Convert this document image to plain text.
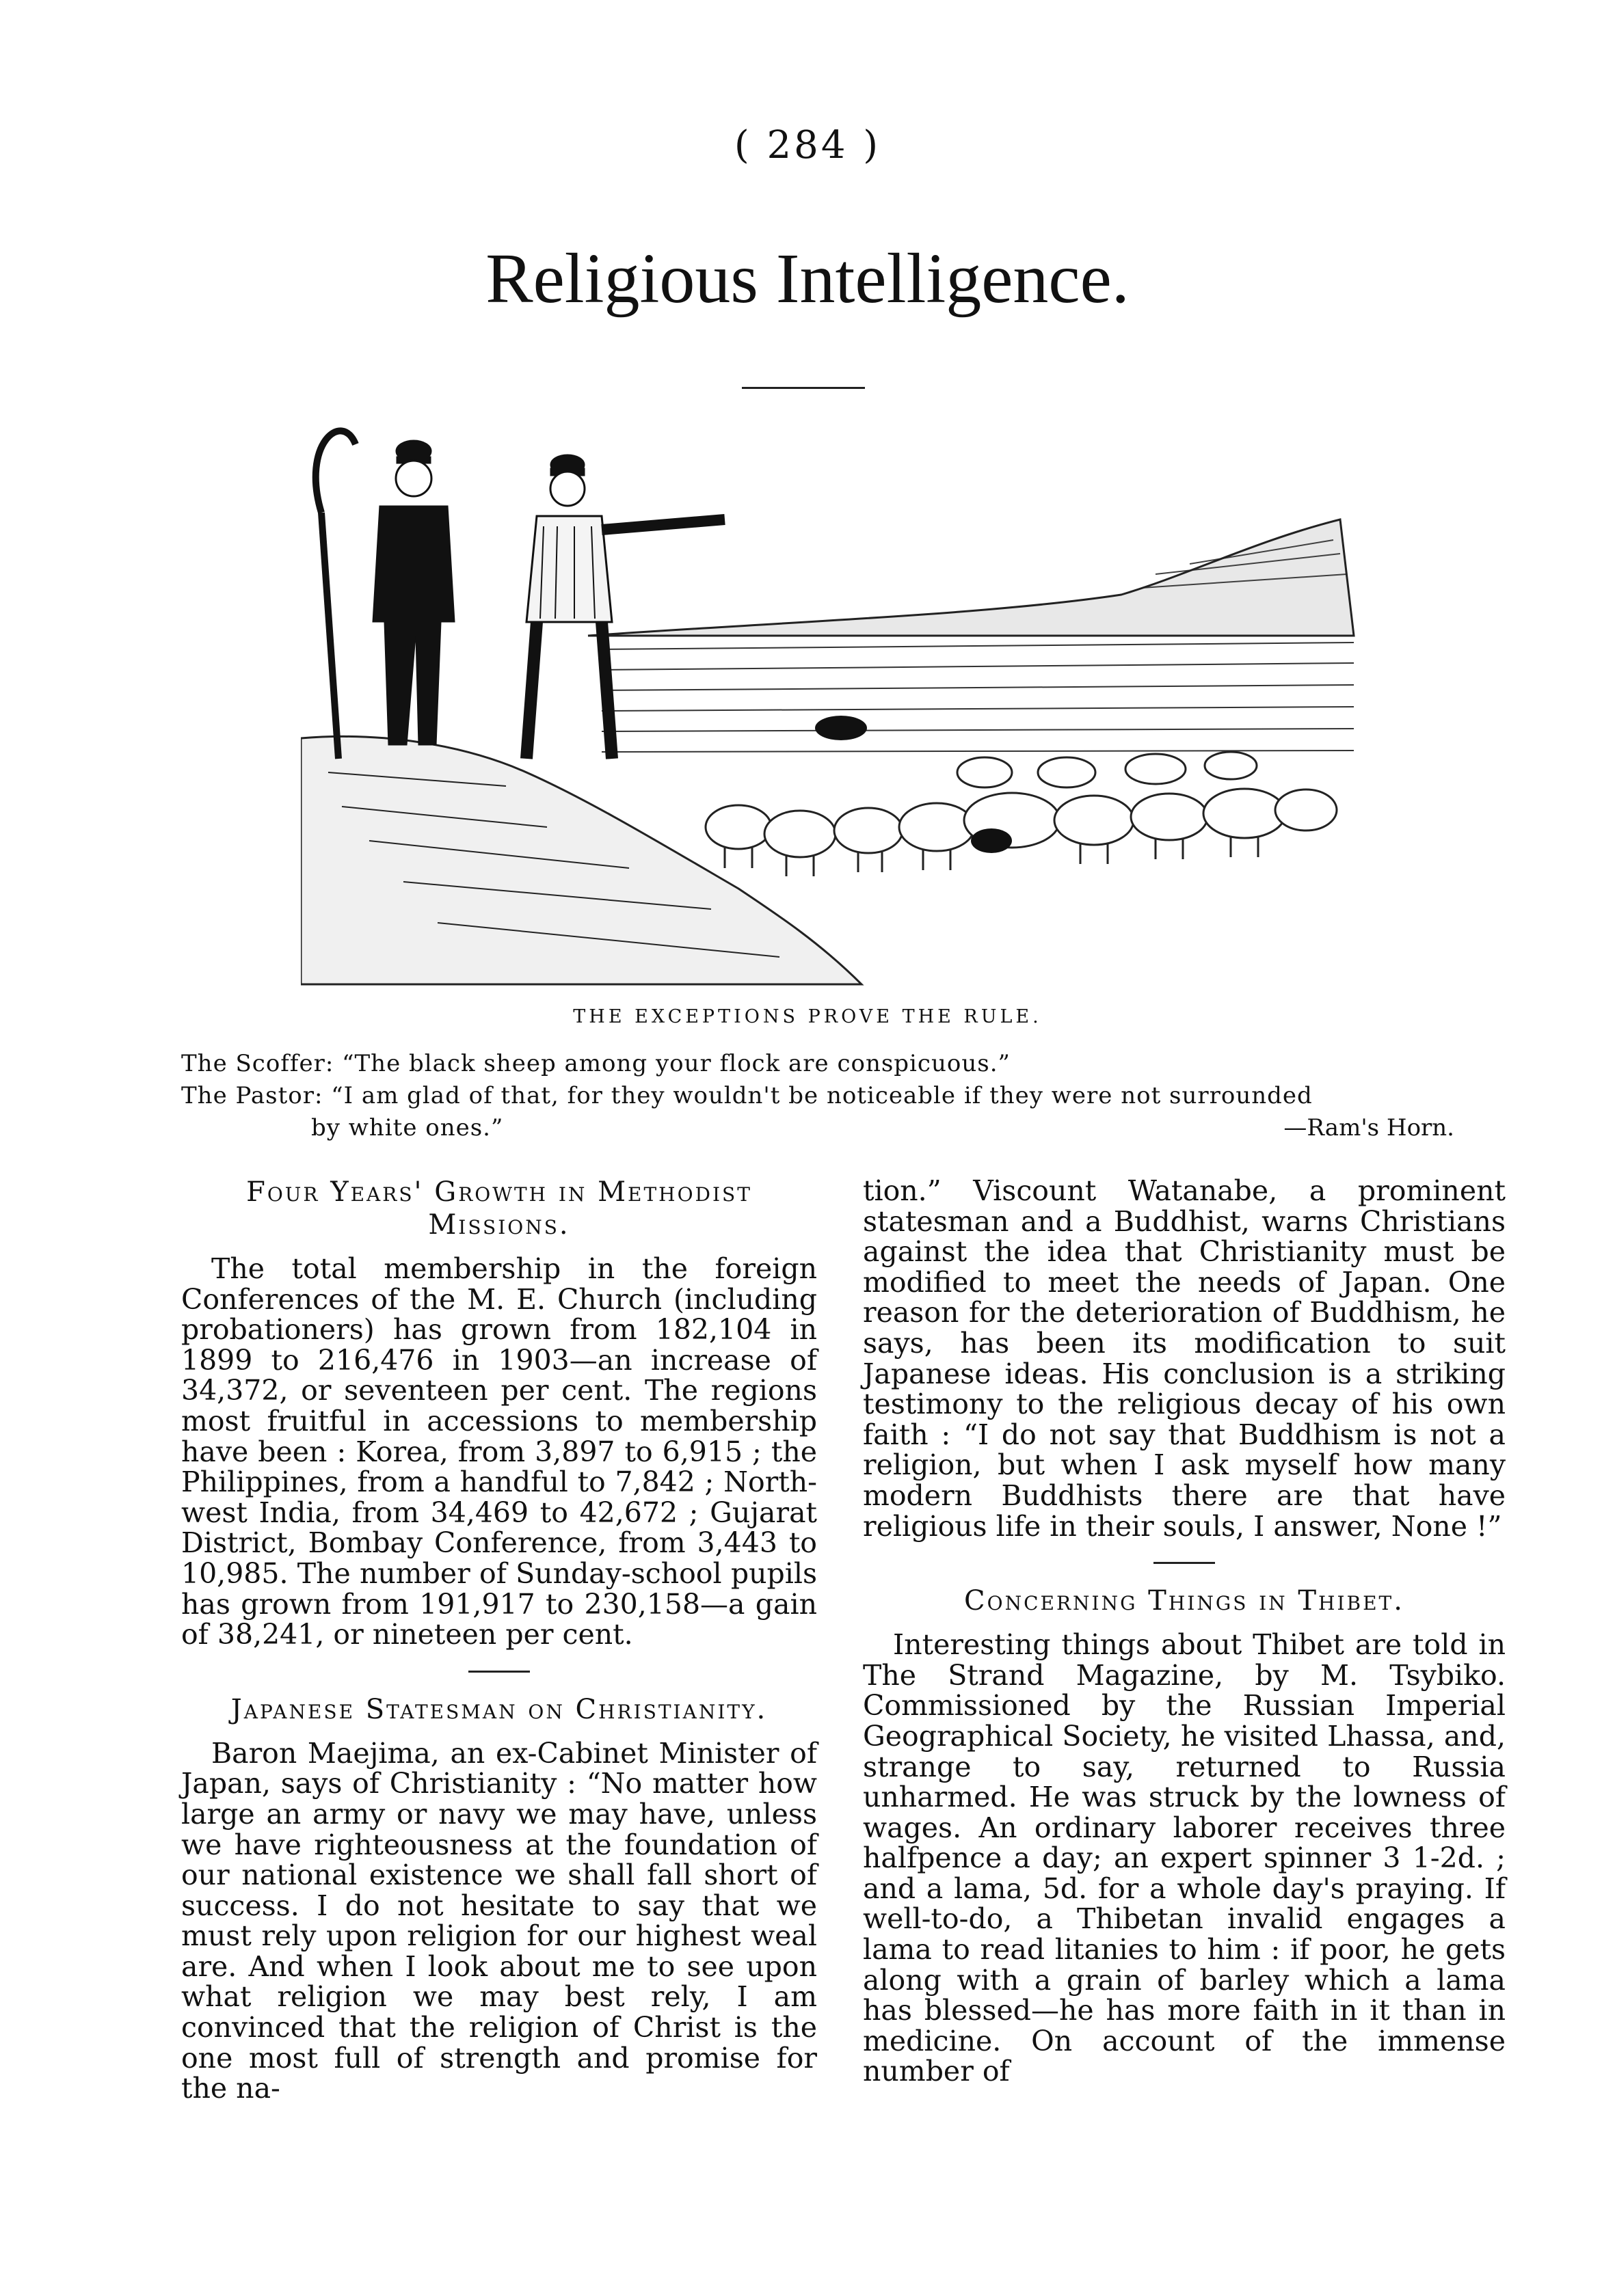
( 284 )
Religious Intelligence.
THE EXCEPTIONS PROVE THE RULE.
The Scoffer: “The black sheep among your flock are conspicuous.”
The Pastor: “I am glad of that, for they wouldn't be noticeable if they were not surrounded
by white ones.”	—Ram's Horn.
Four Years' Growth in Methodist Missions.

The total membership in the foreign Conferences of the M. E. Church (including probationers) has grown from 182,104 in 1899 to 216,476 in 1903—an increase of 34,372, or seventeen per cent. The regions most fruitful in accessions to membership have been : Korea, from 3,897 to 6,915 ; the Philippines, from a handful to 7,842 ; North-west India, from 34,469 to 42,672 ; Gujarat District, Bombay Conference, from 3,443 to 10,985. The number of Sunday-school pupils has grown from 191,917 to 230,158—a gain of 38,241, or nineteen per cent.

Japanese Statesman on Christianity.

Baron Maejima, an ex-Cabinet Minister of Japan, says of Christianity : “No matter how large an army or navy we may have, unless we have righteousness at the foundation of our national existence we shall fall short of success. I do not hesitate to say that we must rely upon religion for our highest weal are. And when I look about me to see upon what religion we may best rely, I am convinced that the religion of Christ is the one most full of strength and promise for the na-

tion.” Viscount Watanabe, a prominent statesman and a Buddhist, warns Christians against the idea that Christianity must be modified to meet the needs of Japan. One reason for the deterioration of Buddhism, he says, has been its modification to suit Japanese ideas. His conclusion is a striking testimony to the religious decay of his own faith : “I do not say that Buddhism is not a religion, but when I ask myself how many modern Buddhists there are that have religious life in their souls, I answer, None !”

Concerning Things in Thibet.

Interesting things about Thibet are told in The Strand Magazine, by M. Tsybiko. Commissioned by the Russian Imperial Geographical Society, he visited Lhassa, and, strange to say, returned to Russia unharmed. He was struck by the lowness of wages. An ordinary laborer receives three halfpence a day; an expert spinner 3 1-2d. ; and a lama, 5d. for a whole day's praying. If well-to-do, a Thibetan invalid engages a lama to read litanies to him : if poor, he gets along with a grain of barley which a lama has blessed—he has more faith in it than in medicine. On account of the immense number of
